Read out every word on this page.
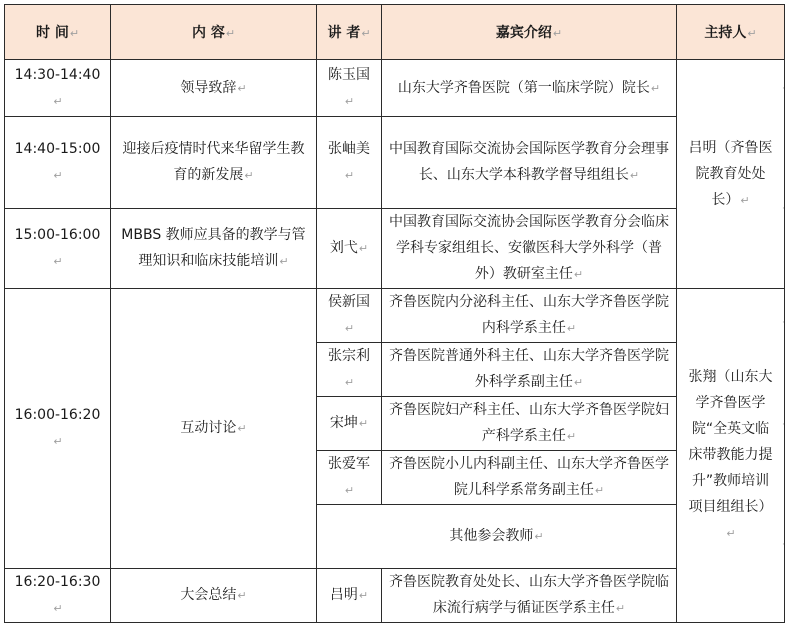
时 间↵	内 容↵	讲 者↵	嘉宾介绍↵	主持人↵
14:30-14:40↵	领导致辞↵	陈玉国↵	山东大学齐鲁医院（第一临床学院）院长↵	吕明（齐鲁医院教育处处长）↵
14:40-15:00↵	迎接后疫情时代来华留学生教育的新发展↵	张岫美↵	中国教育国际交流协会国际医学教育分会理事长、山东大学本科教学督导组组长↵	
15:00-16:00↵	MBBS 教师应具备的教学与管理知识和临床技能培训↵	刘弋↵	中国教育国际交流协会国际医学教育分会临床学科专家组组长、安徽医科大学外科学（普外）教研室主任↵	
16:00-16:20↵	互动讨论↵	侯新国↵	齐鲁医院内分泌科主任、山东大学齐鲁医学院内科学系主任↵	张翔（山东大学齐鲁医学院“全英文临床带教能力提升”教师培训项目组组长）↵
		张宗利↵	齐鲁医院普通外科主任、山东大学齐鲁医学院外科学系副主任↵	
		宋坤↵	齐鲁医院妇产科主任、山东大学齐鲁医学院妇产科学系主任↵	
		张爱军↵	齐鲁医院小儿内科副主任、山东大学齐鲁医学院儿科学系常务副主任↵	
		其他参会教师↵		
16:20-16:30↵	大会总结↵	吕明↵	齐鲁医院教育处处长、山东大学齐鲁医学院临床流行病学与循证医学系主任↵	
·
·
·
·
·
